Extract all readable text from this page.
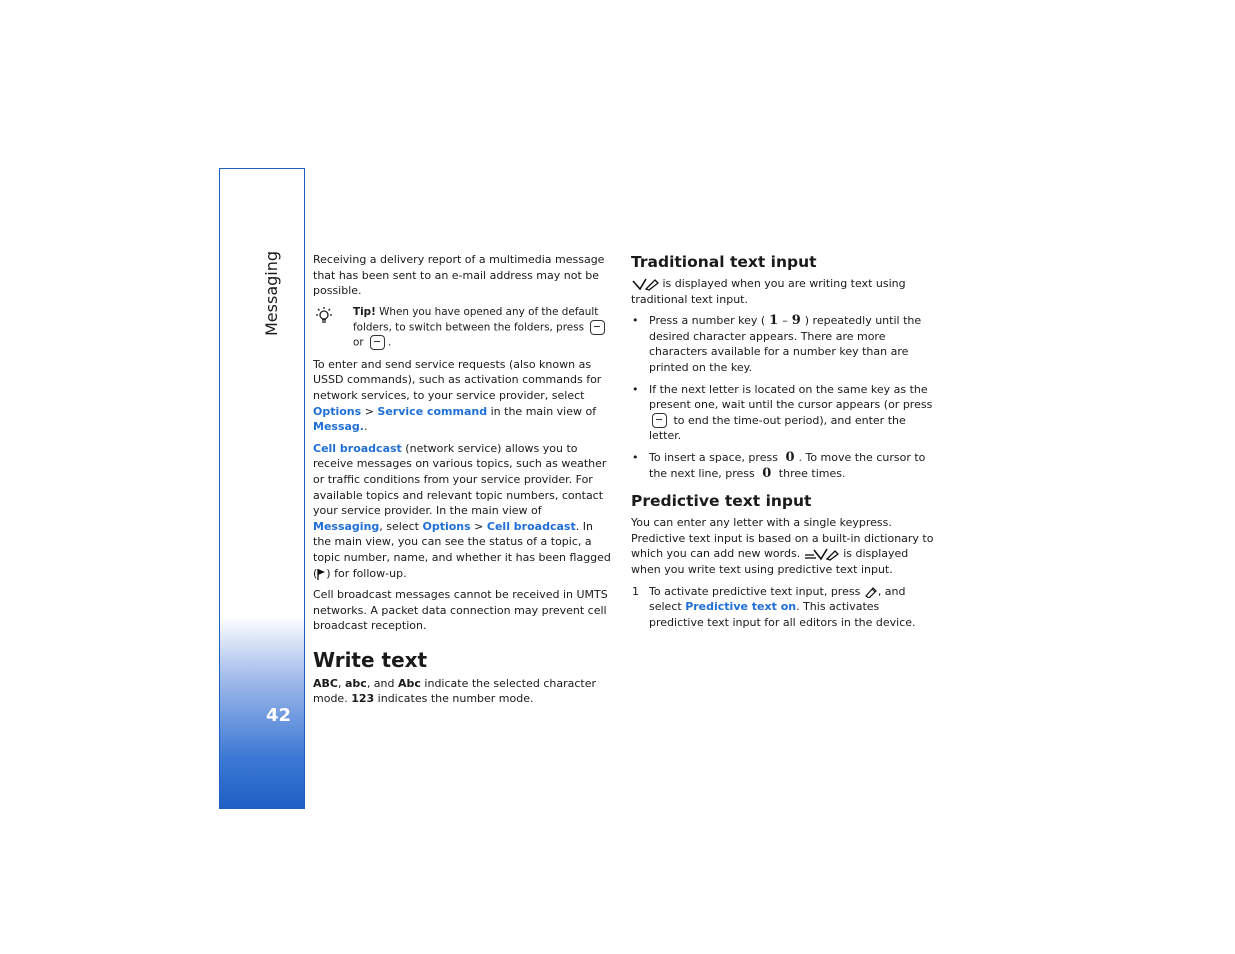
Messaging
42

Receiving a delivery report of a multimedia message that has been sent to an e-mail address may not be possible.

Tip! When you have opened any of the default folders, to switch between the folders, press  or .

To enter and send service requests (also known as USSD commands), such as activation commands for network services, to your service provider, select Options > Service command in the main view of Messag..

Cell broadcast (network service) allows you to receive messages on various topics, such as weather or traffic conditions from your service provider. For available topics and relevant topic numbers, contact your service provider. In the main view of Messaging, select Options > Cell broadcast. In the main view, you can see the status of a topic, a topic number, name, and whether it has been flagged ( ) for follow-up.

Cell broadcast messages cannot be received in UMTS networks. A packet data connection may prevent cell broadcast reception.

Write text

ABC, abc, and Abc indicate the selected character mode. 123 indicates the number mode.

Traditional text input

is displayed when you are writing text using traditional text input.

• Press a number key ( 1 – 9 ) repeatedly until the desired character appears. There are more characters available for a number key than are printed on the key.
• If the next letter is located on the same key as the present one, wait until the cursor appears (or press  to end the time-out period), and enter the letter.
• To insert a space, press 0 . To move the cursor to the next line, press 0 three times.
Predictive text input

You can enter any letter with a single keypress. Predictive text input is based on a built-in dictionary to which you can add new words.	is displayed when you write text using predictive text input.

1 To activate predictive text input, press , and select Predictive text on. This activates predictive text input for all editors in the device.
